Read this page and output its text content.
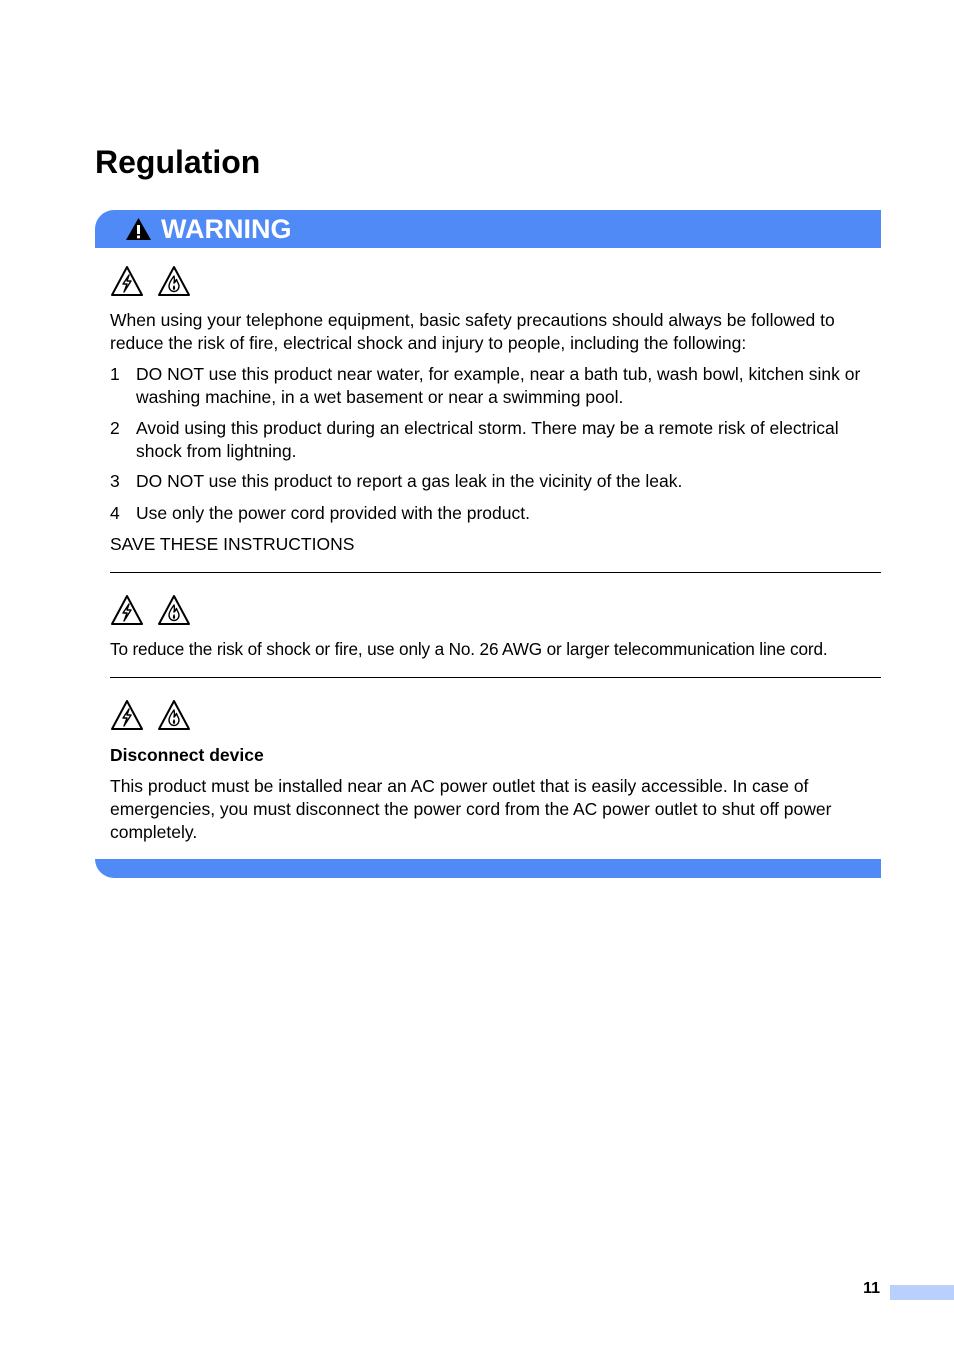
Regulation
WARNING

When using your telephone equipment, basic safety precautions should always be followed to reduce the risk of fire, electrical shock and injury to people, including the following:

1 DO NOT use this product near water, for example, near a bath tub, wash bowl, kitchen sink or washing machine, in a wet basement or near a swimming pool.
2 Avoid using this product during an electrical storm. There may be a remote risk of electrical shock from lightning.
3 DO NOT use this product to report a gas leak in the vicinity of the leak.
4 Use only the power cord provided with the product.

SAVE THESE INSTRUCTIONS

To reduce the risk of shock or fire, use only a No. 26 AWG or larger telecommunication line cord.

Disconnect device

This product must be installed near an AC power outlet that is easily accessible. In case of emergencies, you must disconnect the power cord from the AC power outlet to shut off power completely.

11
